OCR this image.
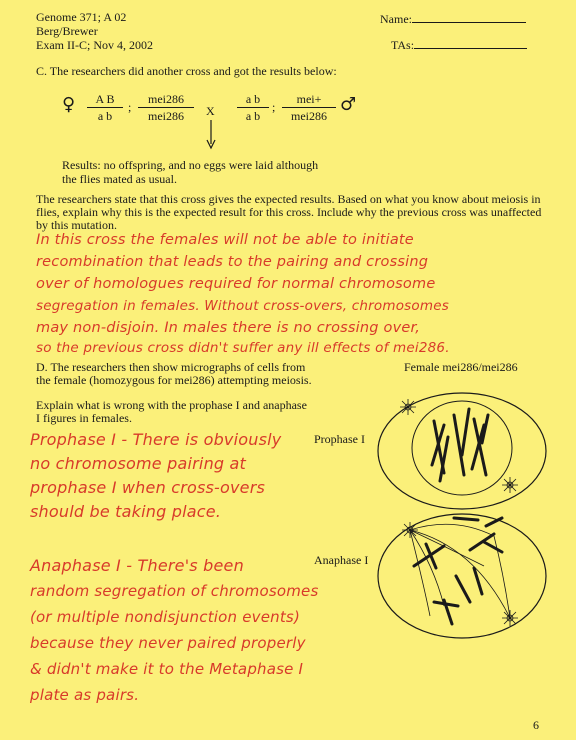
Genome 371; A 02
Berg/Brewer
Exam II-C; Nov 4, 2002
Name:
TAs:
C. The researchers did another cross and got the results below:
♀ $\frac{\text{A B}}{\text{a b}}$ ;
mei286
mei286	X $\frac{\text{a b}}{\text{a b}}$ ;
mei+
mei286
♂
Results: no offspring, and no eggs were laid although
the flies mated as usual.
The researchers state that this cross gives the expected results. Based on what you know about meiosis in
flies, explain why this is the expected result for this cross. Include why the previous cross was unaffected
by this mutation.
In this cross the females will not be able to initiate
recombination that leads to the pairing and crossing
over of homologues required for normal chromosome
segregation in females. Without cross-overs, chromosomes
may non-disjoin. In males there is no crossing over,
so the previous cross didn't suffer any ill effects of mei286.
D. The researchers then show micrographs of cells from
the female (homozygous for mei286) attempting meiosis.
Female mei286/mei286
Explain what is wrong with the prophase I and anaphase
I figures in females.
Prophase I - There is obviously
no chromosome pairing at
prophase I when cross-overs
should be taking place.
Anaphase I - There's been
random segregation of chromosomes
(or multiple nondisjunction events)
because they never paired properly
& didn't make it to the Metaphase I
plate as pairs.
Prophase I
Anaphase I
6
